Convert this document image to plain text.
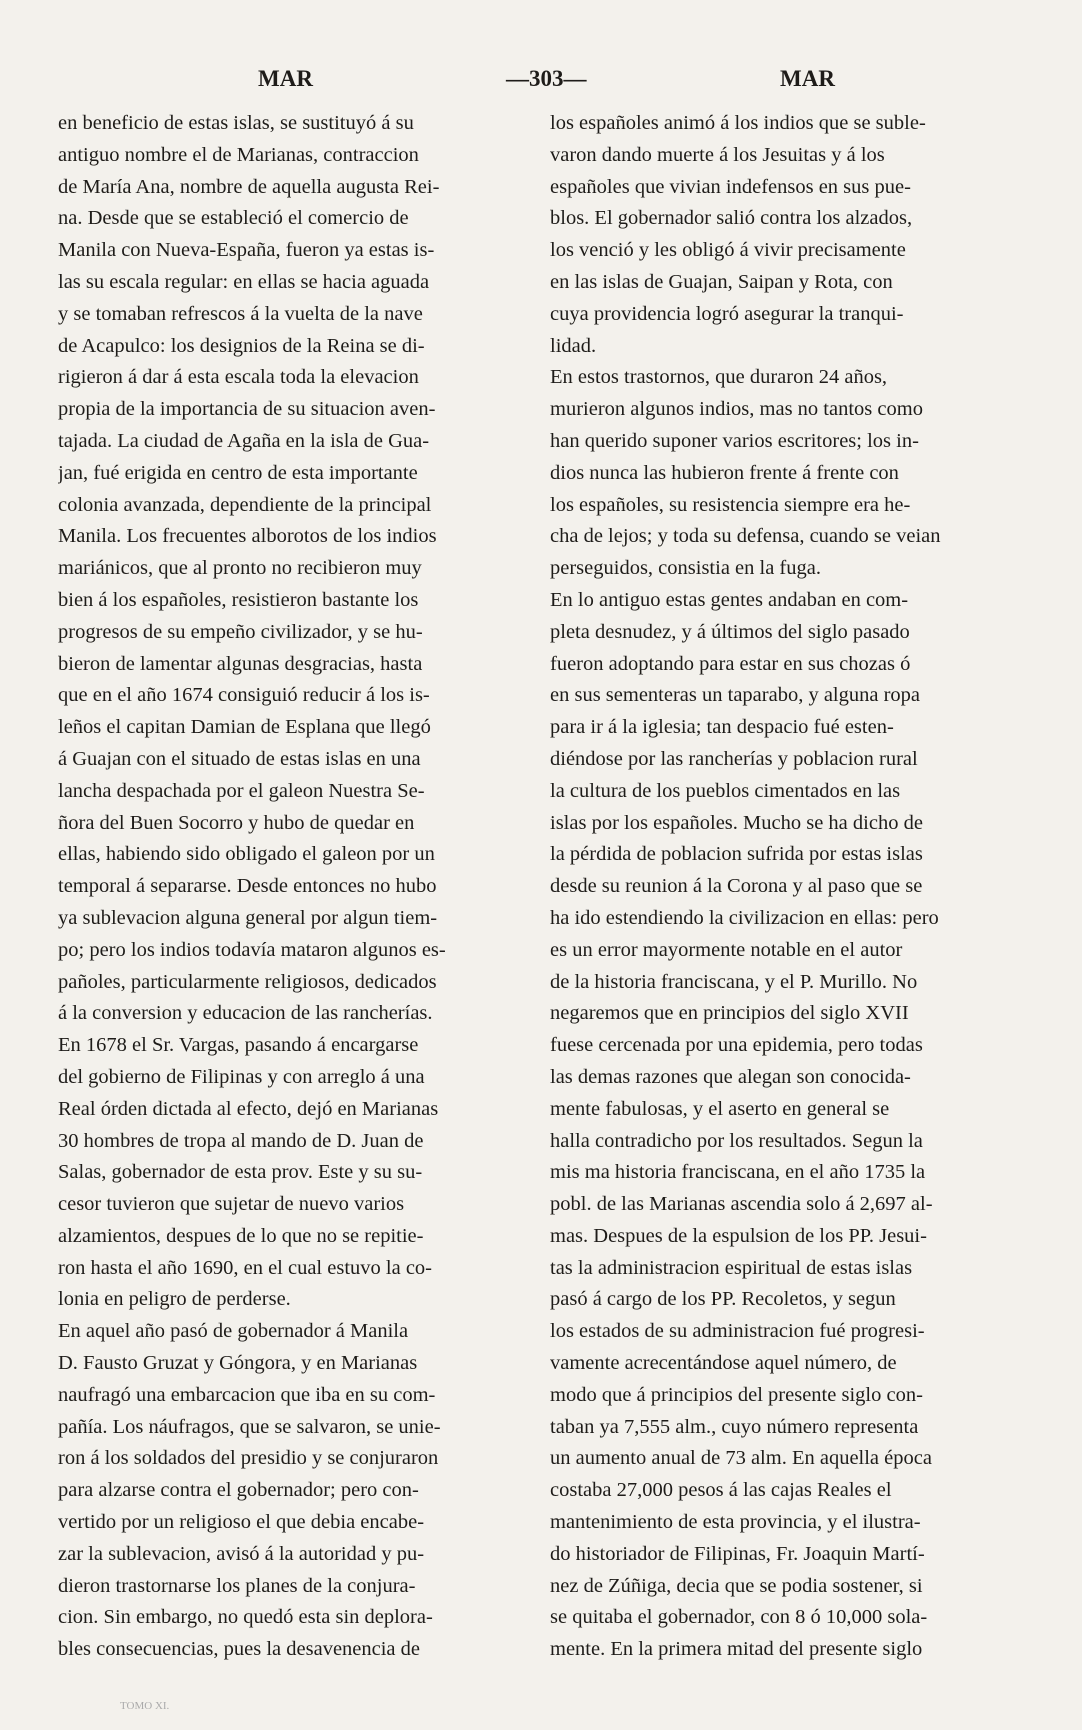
MAR	—303—	MAR
en beneficio de estas islas, se sustituyó á su
antiguo nombre el de Marianas, contraccion
de María Ana, nombre de aquella augusta Rei-
na. Desde que se estableció el comercio de
Manila con Nueva-España, fueron ya estas is-
las su escala regular: en ellas se hacia aguada
y se tomaban refrescos á la vuelta de la nave
de Acapulco: los designios de la Reina se di-
rigieron á dar á esta escala toda la elevacion
propia de la importancia de su situacion aven-
tajada. La ciudad de Agaña en la isla de Gua-
jan, fué erigida en centro de esta importante
colonia avanzada, dependiente de la principal
Manila. Los frecuentes alborotos de los indios
mariánicos, que al pronto no recibieron muy
bien á los españoles, resistieron bastante los
progresos de su empeño civilizador, y se hu-
bieron de lamentar algunas desgracias, hasta
que en el año 1674 consiguió reducir á los is-
leños el capitan Damian de Esplana que llegó
á Guajan con el situado de estas islas en una
lancha despachada por el galeon Nuestra Se-
ñora del Buen Socorro y hubo de quedar en
ellas, habiendo sido obligado el galeon por un
temporal á separarse. Desde entonces no hubo
ya sublevacion alguna general por algun tiem-
po; pero los indios todavía mataron algunos es-
pañoles, particularmente religiosos, dedicados
á la conversion y educacion de las rancherías.
En 1678 el Sr. Vargas, pasando á encargarse
del gobierno de Filipinas y con arreglo á una
Real órden dictada al efecto, dejó en Marianas
30 hombres de tropa al mando de D. Juan de
Salas, gobernador de esta prov. Este y su su-
cesor tuvieron que sujetar de nuevo varios
alzamientos, despues de lo que no se repitie-
ron hasta el año 1690, en el cual estuvo la co-
lonia en peligro de perderse.
En aquel año pasó de gobernador á Manila
D. Fausto Gruzat y Góngora, y en Marianas
naufragó una embarcacion que iba en su com-
pañía. Los náufragos, que se salvaron, se unie-
ron á los soldados del presidio y se conjuraron
para alzarse contra el gobernador; pero con-
vertido por un religioso el que debia encabe-
zar la sublevacion, avisó á la autoridad y pu-
dieron trastornarse los planes de la conjura-
cion. Sin embargo, no quedó esta sin deplora-
bles consecuencias, pues la desavenencia de
los españoles animó á los indios que se suble-
varon dando muerte á los Jesuitas y á los
españoles que vivian indefensos en sus pue-
blos. El gobernador salió contra los alzados,
los venció y les obligó á vivir precisamente
en las islas de Guajan, Saipan y Rota, con
cuya providencia logró asegurar la tranqui-
lidad.
En estos trastornos, que duraron 24 años,
murieron algunos indios, mas no tantos como
han querido suponer varios escritores; los in-
dios nunca las hubieron frente á frente con
los españoles, su resistencia siempre era he-
cha de lejos; y toda su defensa, cuando se veian
perseguidos, consistia en la fuga.
En lo antiguo estas gentes andaban en com-
pleta desnudez, y á últimos del siglo pasado
fueron adoptando para estar en sus chozas ó
en sus sementeras un taparabo, y alguna ropa
para ir á la iglesia; tan despacio fué esten-
diéndose por las rancherías y poblacion rural
la cultura de los pueblos cimentados en las
islas por los españoles. Mucho se ha dicho de
la pérdida de poblacion sufrida por estas islas
desde su reunion á la Corona y al paso que se
ha ido estendiendo la civilizacion en ellas: pero
es un error mayormente notable en el autor
de la historia franciscana, y el P. Murillo. No
negaremos que en principios del siglo XVII
fuese cercenada por una epidemia, pero todas
las demas razones que alegan son conocida-
mente fabulosas, y el aserto en general se
halla contradicho por los resultados. Segun la
mis ma historia franciscana, en el año 1735 la
pobl. de las Marianas ascendia solo á 2,697 al-
mas. Despues de la espulsion de los PP. Jesui-
tas la administracion espiritual de estas islas
pasó á cargo de los PP. Recoletos, y segun
los estados de su administracion fué progresi-
vamente acrecentándose aquel número, de
modo que á principios del presente siglo con-
taban ya 7,555 alm., cuyo número representa
un aumento anual de 73 alm. En aquella época
costaba 27,000 pesos á las cajas Reales el
mantenimiento de esta provincia, y el ilustra-
do historiador de Filipinas, Fr. Joaquin Martí-
nez de Zúñiga, decia que se podia sostener, si
se quitaba el gobernador, con 8 ó 10,000 sola-
mente. En la primera mitad del presente siglo
TOMO XI.
